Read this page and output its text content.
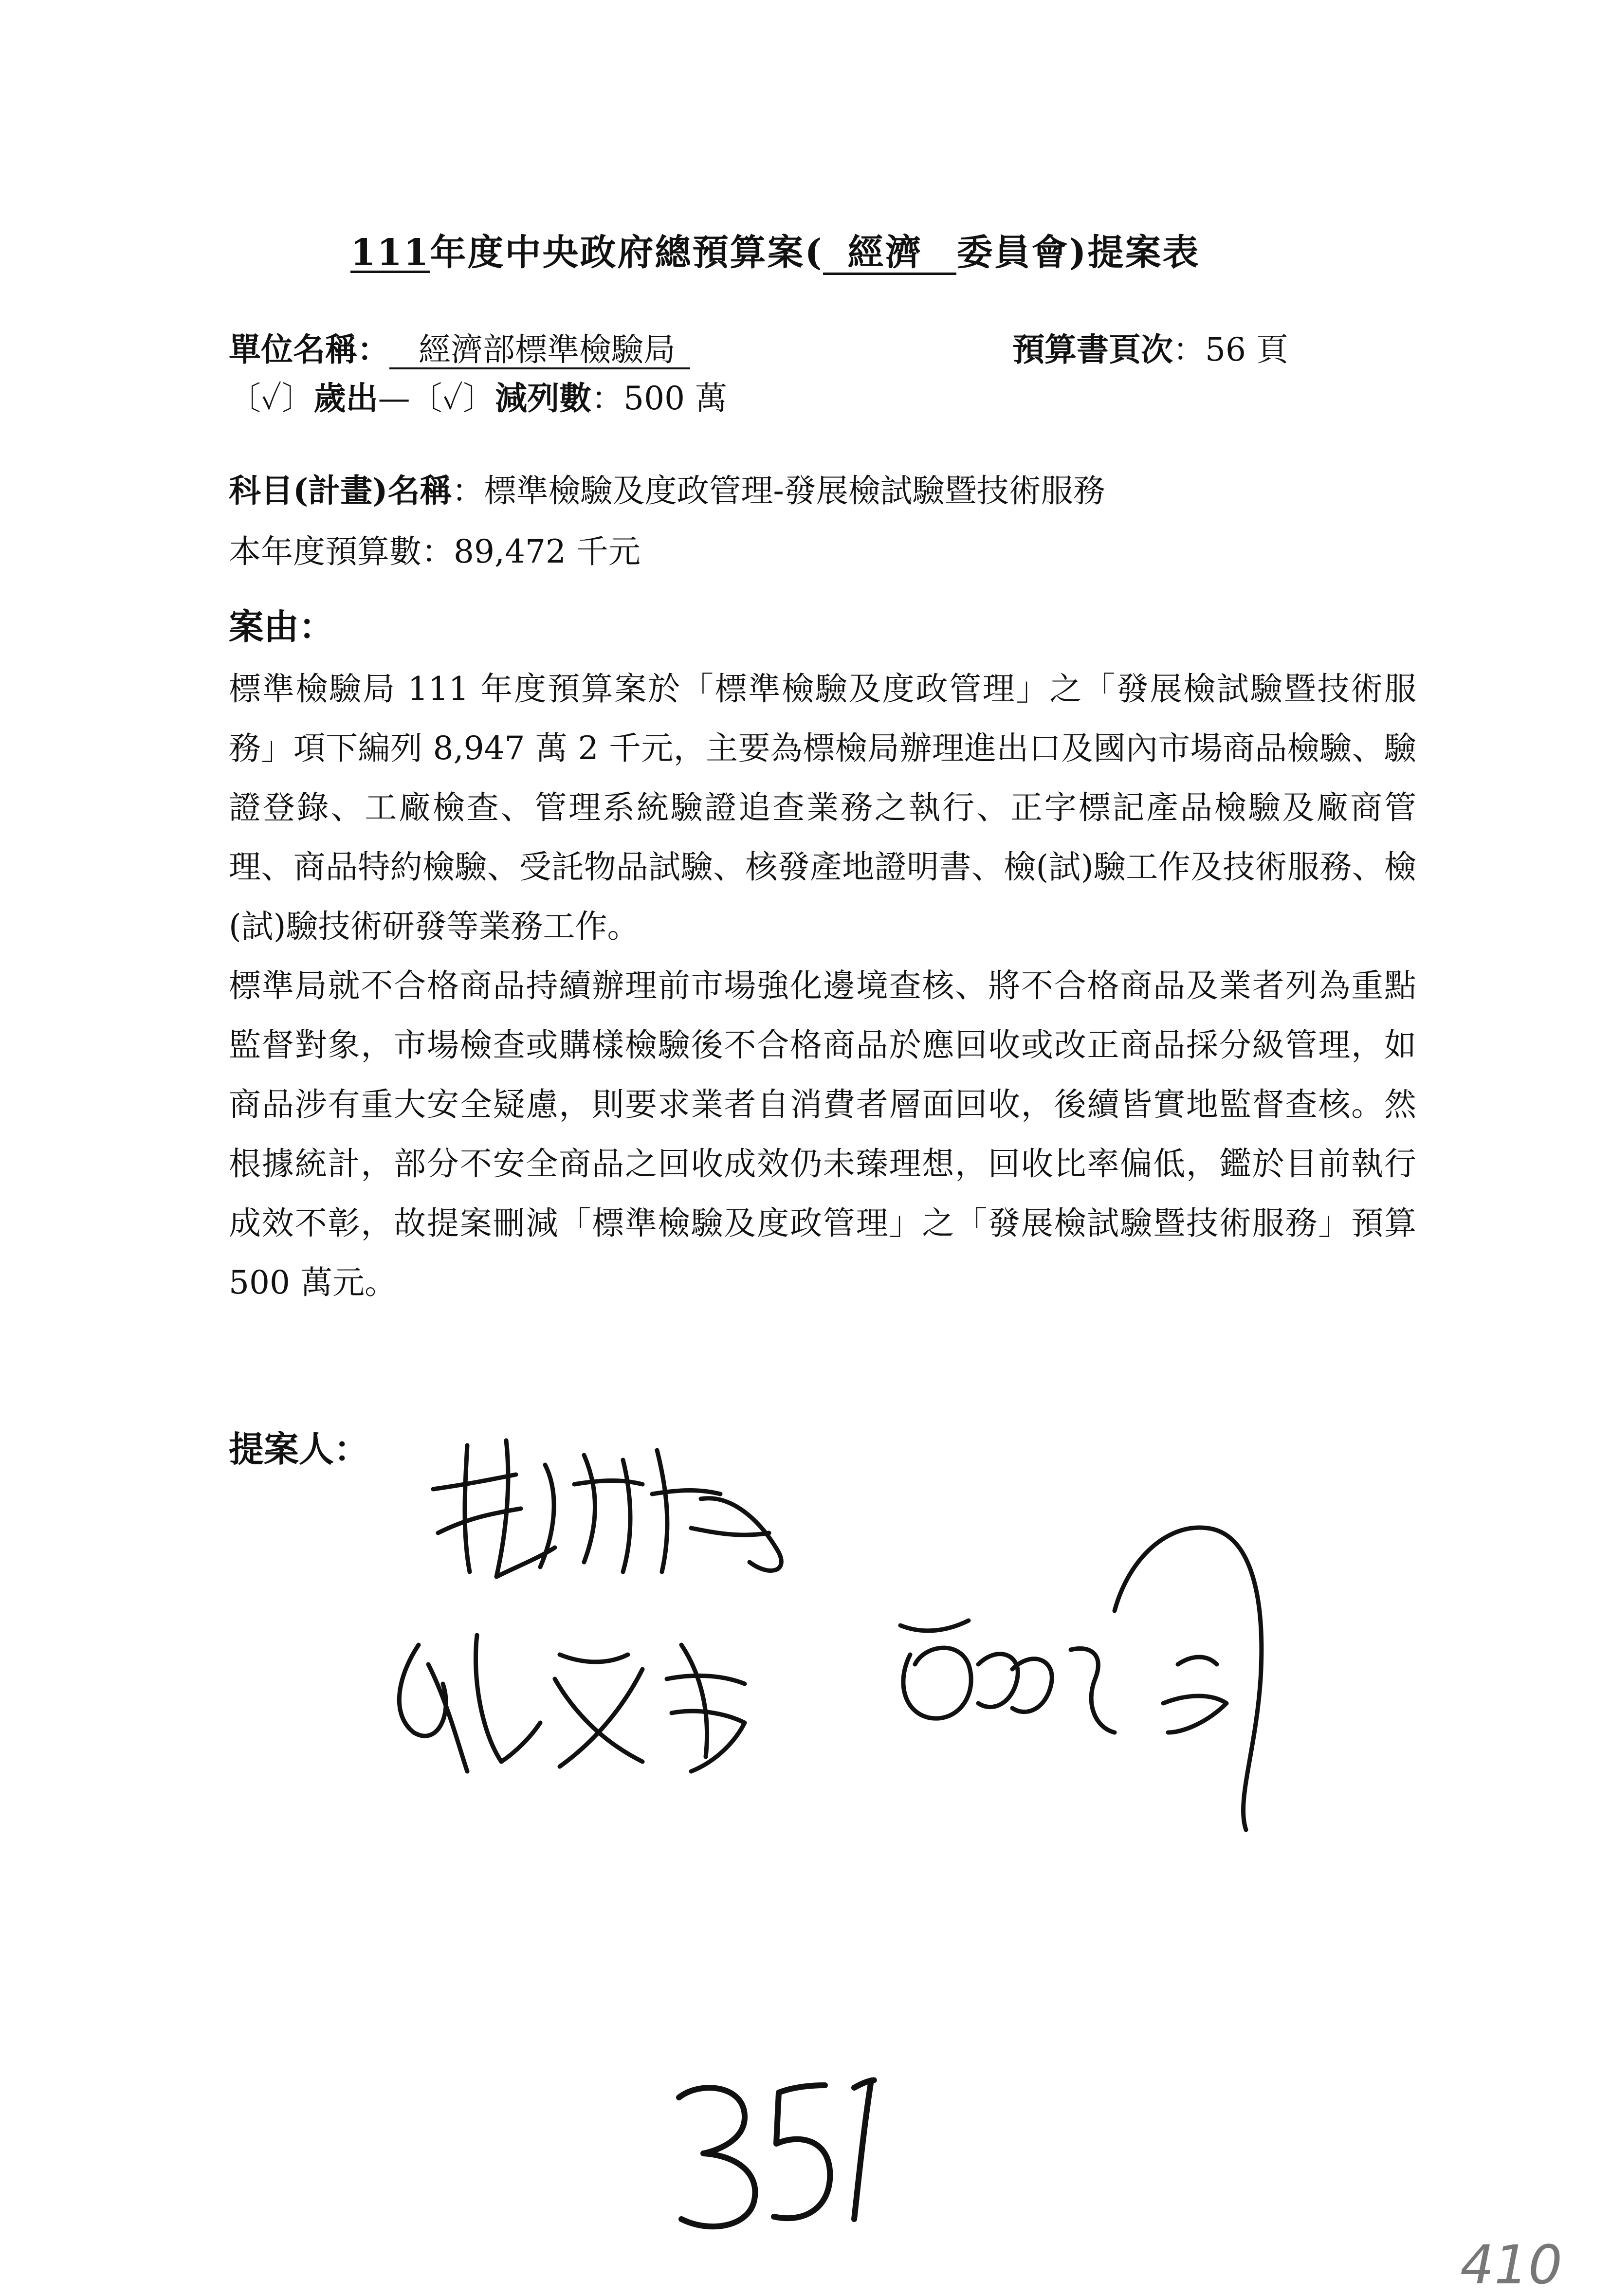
111年度中央政府總預算案( 經濟 委員會)提案表
單位名稱： 經濟部標準檢驗局	預算書頁次：56 頁
〔✓〕歲出—〔✓〕減列數：500 萬
科目(計畫)名稱：標準檢驗及度政管理-發展檢試驗暨技術服務
本年度預算數：89,472 千元
案由：

標準檢驗局 111 年度預算案於「標準檢驗及度政管理」之「發展檢試驗暨技術服務」項下編列 8,947 萬 2 千元，主要為標檢局辦理進出口及國內市場商品檢驗、驗證登錄、工廠檢查、管理系統驗證追查業務之執行、正字標記產品檢驗及廠商管理、商品特約檢驗、受託物品試驗、核發產地證明書、檢(試)驗工作及技術服務、檢(試)驗技術研發等業務工作。

標準局就不合格商品持續辦理前市場強化邊境查核、將不合格商品及業者列為重點監督對象，市場檢查或購樣檢驗後不合格商品於應回收或改正商品採分級管理，如商品涉有重大安全疑慮，則要求業者自消費者層面回收，後續皆實地監督查核。然根據統計，部分不安全商品之回收成效仍未臻理想，回收比率偏低，鑑於目前執行成效不彰，故提案刪減「標準檢驗及度政管理」之「發展檢試驗暨技術服務」預算 500 萬元。

提案人：
410
